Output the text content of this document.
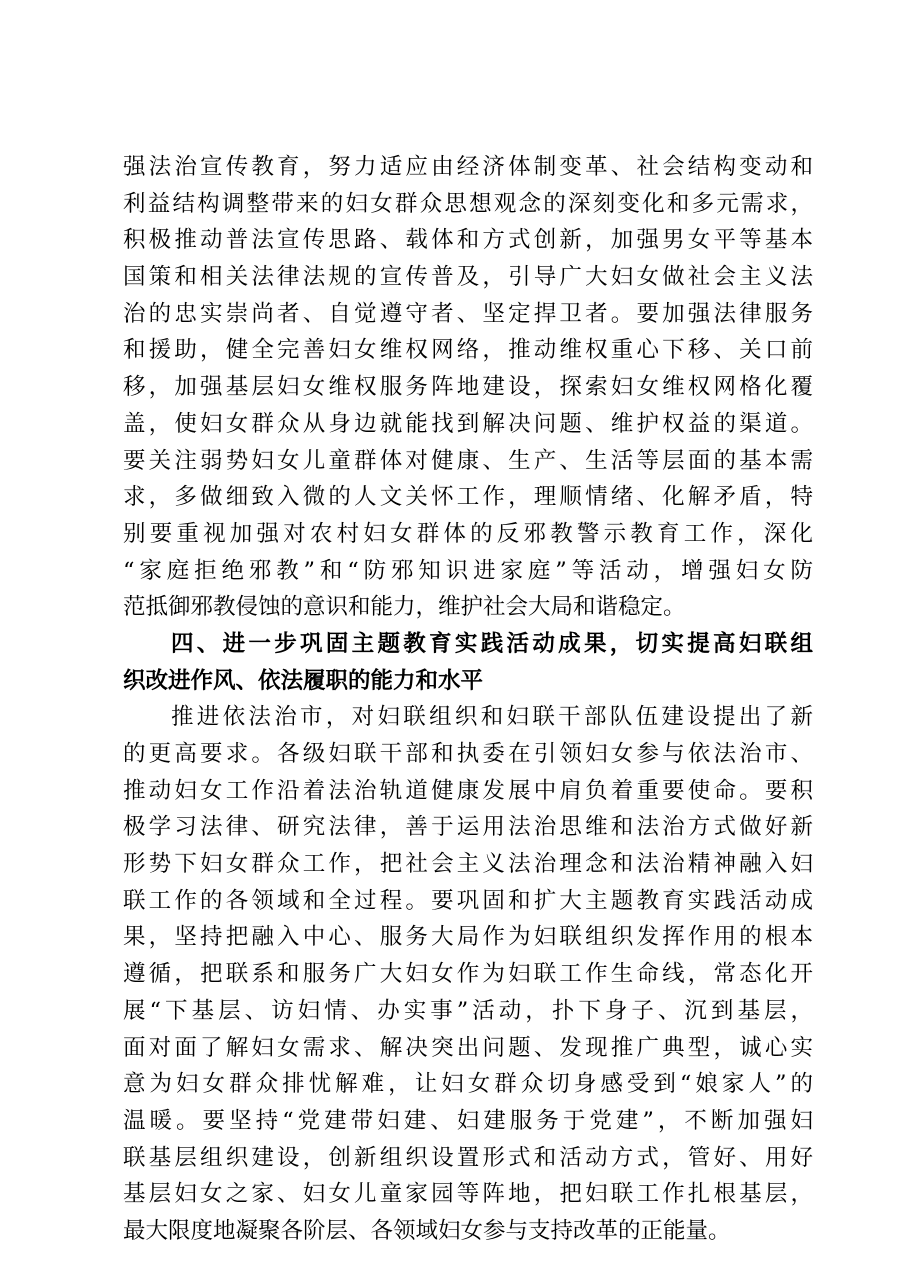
强法治宣传教育，努力适应由经济体制变革、社会结构变动和
利益结构调整带来的妇女群众思想观念的深刻变化和多元需求，
积极推动普法宣传思路、载体和方式创新，加强男女平等基本
国策和相关法律法规的宣传普及，引导广大妇女做社会主义法
治的忠实崇尚者、自觉遵守者、坚定捍卫者。要加强法律服务
和援助，健全完善妇女维权网络，推动维权重心下移、关口前
移，加强基层妇女维权服务阵地建设，探索妇女维权网格化覆
盖，使妇女群众从身边就能找到解决问题、维护权益的渠道。
要关注弱势妇女儿童群体对健康、生产、生活等层面的基本需
求，多做细致入微的人文关怀工作，理顺情绪、化解矛盾，特
别要重视加强对农村妇女群体的反邪教警示教育工作，深化
“家庭拒绝邪教”和“防邪知识进家庭”等活动，增强妇女防
范抵御邪教侵蚀的意识和能力，维护社会大局和谐稳定。
四、进一步巩固主题教育实践活动成果，切实提高妇联组
织改进作风、依法履职的能力和水平
推进依法治市，对妇联组织和妇联干部队伍建设提出了新
的更高要求。各级妇联干部和执委在引领妇女参与依法治市、
推动妇女工作沿着法治轨道健康发展中肩负着重要使命。要积
极学习法律、研究法律，善于运用法治思维和法治方式做好新
形势下妇女群众工作，把社会主义法治理念和法治精神融入妇
联工作的各领域和全过程。要巩固和扩大主题教育实践活动成
果，坚持把融入中心、服务大局作为妇联组织发挥作用的根本
遵循，把联系和服务广大妇女作为妇联工作生命线，常态化开
展“下基层、访妇情、办实事”活动，扑下身子、沉到基层，
面对面了解妇女需求、解决突出问题、发现推广典型，诚心实
意为妇女群众排忧解难，让妇女群众切身感受到“娘家人”的
温暖。要坚持“党建带妇建、妇建服务于党建”，不断加强妇
联基层组织建设，创新组织设置形式和活动方式，管好、用好
基层妇女之家、妇女儿童家园等阵地，把妇联工作扎根基层，
最大限度地凝聚各阶层、各领域妇女参与支持改革的正能量。
